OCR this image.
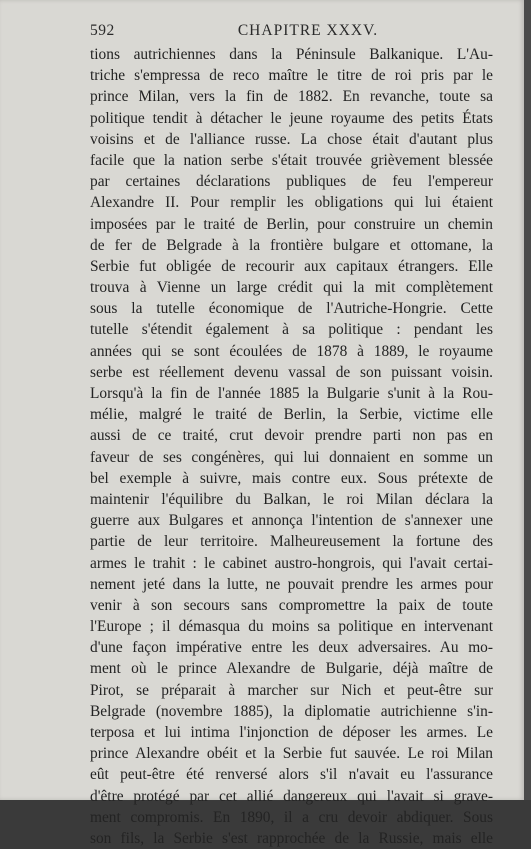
592	CHAPITRE XXXV.
tions autrichiennes dans la Péninsule Balkanique. L'Au-
triche s'empressa de reco maître le titre de roi pris par le
prince Milan, vers la fin de 1882. En revanche, toute sa
politique tendit à détacher le jeune royaume des petits États
voisins et de l'alliance russe. La chose était d'autant plus
facile que la nation serbe s'était trouvée grièvement blessée
par certaines déclarations publiques de feu l'empereur
Alexandre II. Pour remplir les obligations qui lui étaient
imposées par le traité de Berlin, pour construire un chemin
de fer de Belgrade à la frontière bulgare et ottomane, la
Serbie fut obligée de recourir aux capitaux étrangers. Elle
trouva à Vienne un large crédit qui la mit complètement
sous la tutelle économique de l'Autriche-Hongrie. Cette
tutelle s'étendit également à sa politique : pendant les
années qui se sont écoulées de 1878 à 1889, le royaume
serbe est réellement devenu vassal de son puissant voisin.
Lorsqu'à la fin de l'année 1885 la Bulgarie s'unit à la Rou-
mélie, malgré le traité de Berlin, la Serbie, victime elle
aussi de ce traité, crut devoir prendre parti non pas en
faveur de ses congénères, qui lui donnaient en somme un
bel exemple à suivre, mais contre eux. Sous prétexte de
maintenir l'équilibre du Balkan, le roi Milan déclara la
guerre aux Bulgares et annonça l'intention de s'annexer une
partie de leur territoire. Malheureusement la fortune des
armes le trahit : le cabinet austro-hongrois, qui l'avait certai-
nement jeté dans la lutte, ne pouvait prendre les armes pour
venir à son secours sans compromettre la paix de toute
l'Europe ; il démasqua du moins sa politique en intervenant
d'une façon impérative entre les deux adversaires. Au mo-
ment où le prince Alexandre de Bulgarie, déjà maître de
Pirot, se préparait à marcher sur Nich et peut-être sur
Belgrade (novembre 1885), la diplomatie autrichienne s'in-
terposa et lui intima l'injonction de déposer les armes. Le
prince Alexandre obéit et la Serbie fut sauvée. Le roi Milan
eût peut-être été renversé alors s'il n'avait eu l'assurance
d'être protégé par cet allié dangereux qui l'avait si grave-
ment compromis. En 1890, il a cru devoir abdiquer. Sous
son fils, la Serbie s'est rapprochée de la Russie, mais elle
